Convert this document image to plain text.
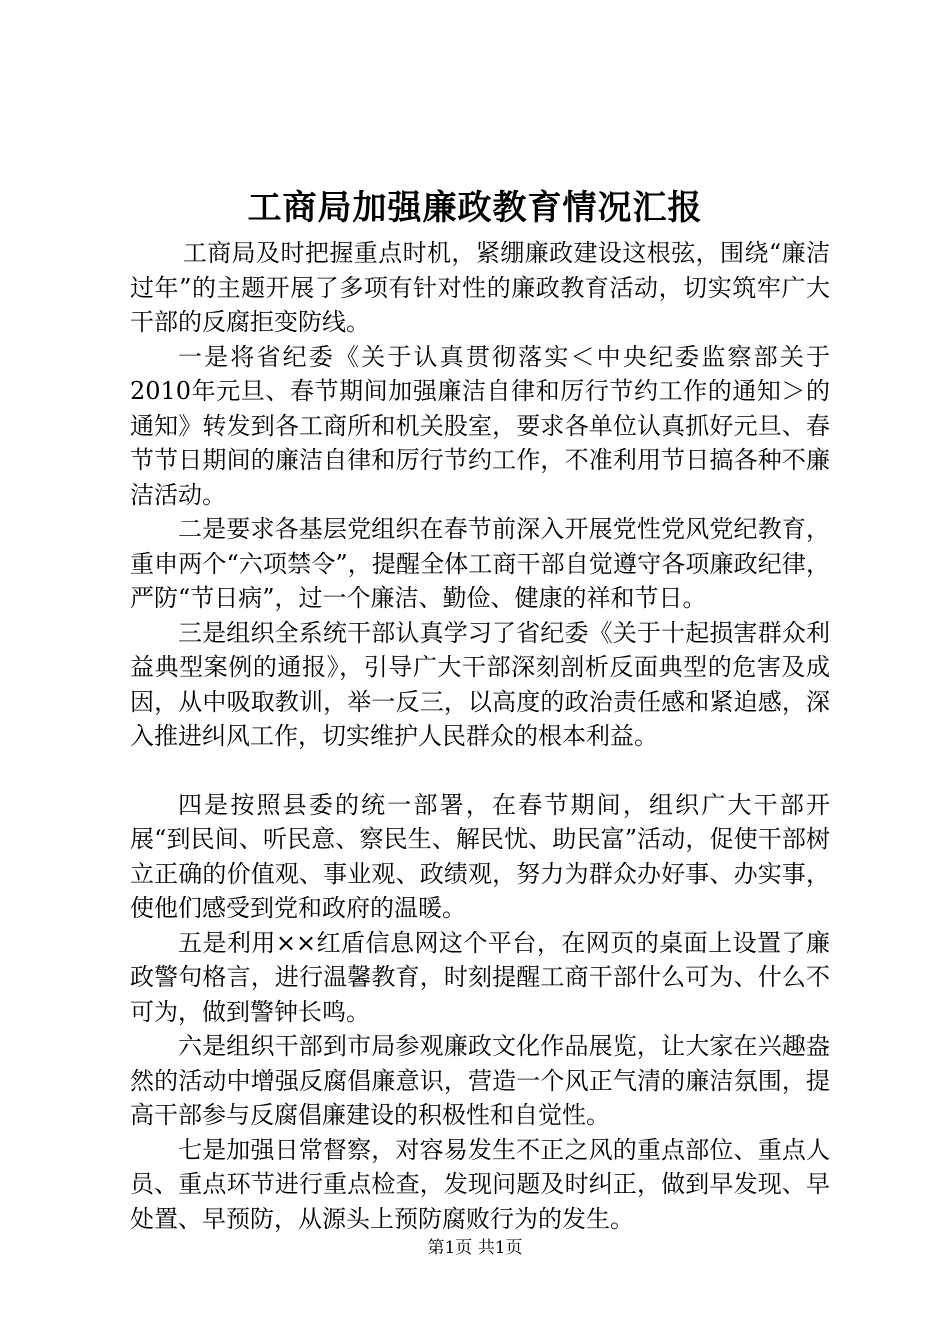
工商局加强廉政教育情况汇报

工商局及时把握重点时机，紧绷廉政建设这根弦，围绕“廉洁过年”的主题开展了多项有针对性的廉政教育活动，切实筑牢广大干部的反腐拒变防线。

一是将省纪委《关于认真贯彻落实＜中央纪委监察部关于2010年元旦、春节期间加强廉洁自律和厉行节约工作的通知＞的通知》转发到各工商所和机关股室，要求各单位认真抓好元旦、春节节日期间的廉洁自律和厉行节约工作，不准利用节日搞各种不廉洁活动。

二是要求各基层党组织在春节前深入开展党性党风党纪教育，重申两个“六项禁令”，提醒全体工商干部自觉遵守各项廉政纪律，严防“节日病”，过一个廉洁、勤俭、健康的祥和节日。

三是组织全系统干部认真学习了省纪委《关于十起损害群众利益典型案例的通报》，引导广大干部深刻剖析反面典型的危害及成因，从中吸取教训，举一反三，以高度的政治责任感和紧迫感，深入推进纠风工作，切实维护人民群众的根本利益。

四是按照县委的统一部署，在春节期间，组织广大干部开展“到民间、听民意、察民生、解民忧、助民富”活动，促使干部树立正确的价值观、事业观、政绩观，努力为群众办好事、办实事，使他们感受到党和政府的温暖。

五是利用××红盾信息网这个平台，在网页的桌面上设置了廉政警句格言，进行温馨教育，时刻提醒工商干部什么可为、什么不可为，做到警钟长鸣。

六是组织干部到市局参观廉政文化作品展览，让大家在兴趣盎然的活动中增强反腐倡廉意识，营造一个风正气清的廉洁氛围，提高干部参与反腐倡廉建设的积极性和自觉性。

七是加强日常督察，对容易发生不正之风的重点部位、重点人员、重点环节进行重点检查，发现问题及时纠正，做到早发现、早处置、早预防，从源头上预防腐败行为的发生。

第1页 共1页
